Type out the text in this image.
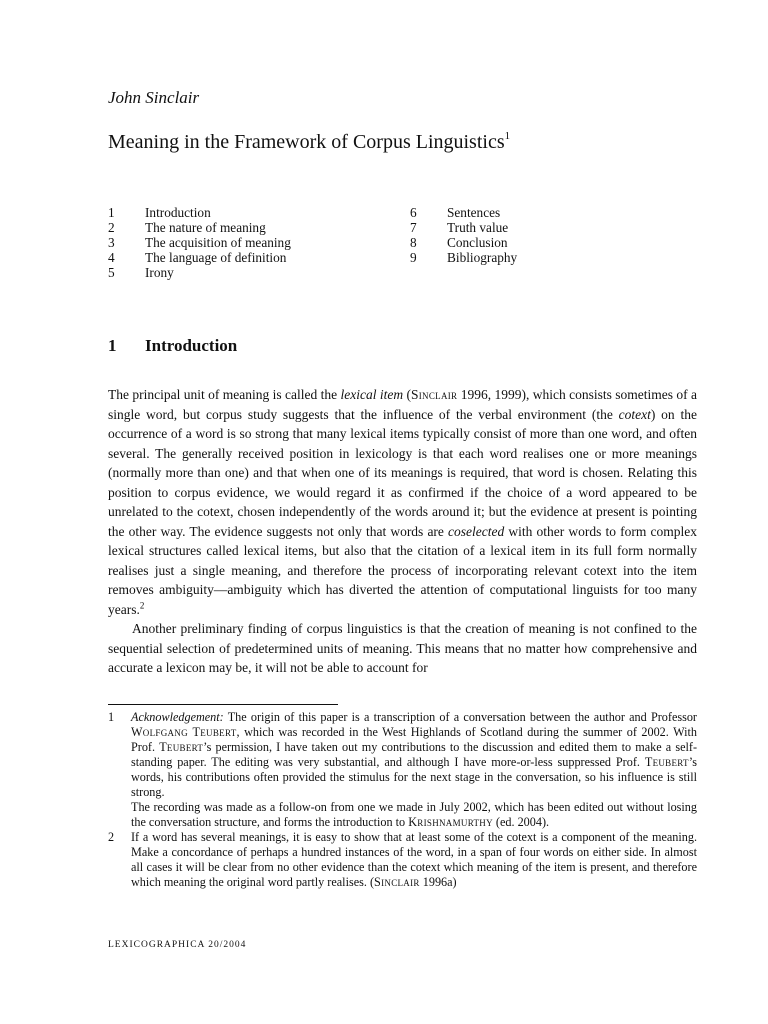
John Sinclair
Meaning in the Framework of Corpus Linguistics$^1$
1	Introduction
2	The nature of meaning
3	The acquisition of meaning
4	The language of definition
5	Irony
6	Sentences
7	Truth value
8	Conclusion
9	Bibliography
1	Introduction

The principal unit of meaning is called the lexical item (Sinclair 1996, 1999), which consists sometimes of a single word, but corpus study suggests that the influence of the verbal environment (the cotext) on the occurrence of a word is so strong that many lexical items typically consist of more than one word, and often several. The generally received position in lexicology is that each word realises one or more meanings (normally more than one) and that when one of its meanings is required, that word is chosen. Relating this position to corpus evidence, we would regard it as confirmed if the choice of a word appeared to be unrelated to the cotext, chosen independently of the words around it; but the evidence at present is pointing the other way. The evidence suggests not only that words are coselected with other words to form complex lexical structures called lexical items, but also that the citation of a lexical item in its full form normally realises just a single meaning, and therefore the process of incorporating relevant cotext into the item removes ambiguity—ambiguity which has diverted the attention of computational linguists for too many years.$^2$

Another preliminary finding of corpus linguistics is that the creation of meaning is not confined to the sequential selection of predetermined units of meaning. This means that no matter how comprehensive and accurate a lexicon may be, it will not be able to account for

1	Acknowledgement: The origin of this paper is a transcription of a conversation between the author and Professor Wolfgang Teubert, which was recorded in the West Highlands of Scotland during the summer of 2002. With Prof. Teubert’s permission, I have taken out my contributions to the discussion and edited them to make a self-standing paper. The editing was very substantial, and although I have more-or-less suppressed Prof. Teubert’s words, his contributions often provided the stimulus for the next stage in the conversation, so his influence is still strong.

The recording was made as a follow-on from one we made in July 2002, which has been edited out without losing the conversation structure, and forms the introduction to Krishnamurthy (ed. 2004).

2	If a word has several meanings, it is easy to show that at least some of the cotext is a component of the meaning. Make a concordance of perhaps a hundred instances of the word, in a span of four words on either side. In almost all cases it will be clear from no other evidence than the cotext which meaning of the item is present, and therefore which meaning the original word partly realises. (Sinclair 1996a)

LEXICOGRAPHICA 20/2004
